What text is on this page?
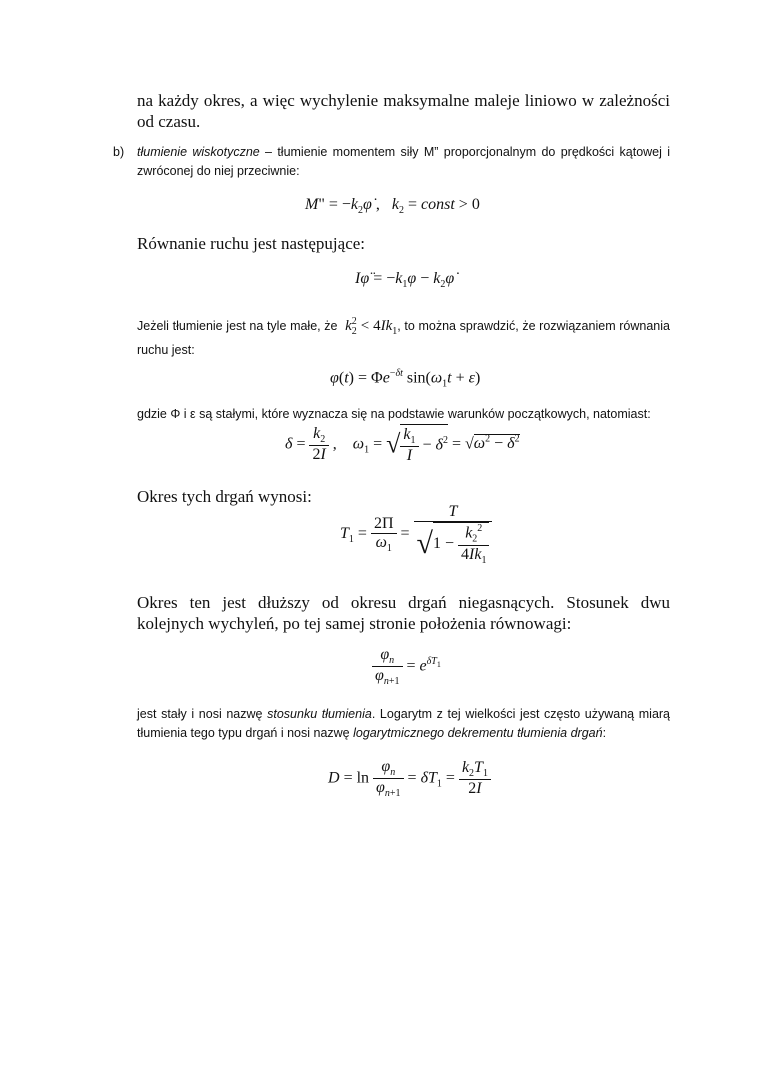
na każdy okres, a więc wychylenie maksymalne maleje liniowo w zależności od czasu.
b) tłumienie wiskotyczne – tłumienie momentem siły M” proporcjonalnym do prędkości kątowej i zwróconej do niej przeciwnie:
M" = $-k_2\varphi̇$ ,   $k_2$ = const > 0
Równanie ruchu jest następujące:
Iφ̈ = $-k_1\varphi$ − $k_2\varphi̇$
Jeżeli tłumienie jest na tyle małe, że $k_2^2 < 4Ik_1$, to można sprawdzić, że rozwiązaniem równania ruchu jest:
$\varphi(t) = \Phi e^{-\delta t}$ $\sin(\omega_1t + \varepsilon)$
gdzie Φ i ε są stałymi, które wyznacza się na podstawie warunków początkowych, natomiast:
$\delta = \frac{k_2}{2I}$ ,    $\omega_1$ = √ $\frac{k_1}{I} - \delta^2 = √\omega^2 - \delta^2$
Okres tych drgań wynosi:
$T_1 = \frac{2\Pi}{\omega_1} = \frac{T}{√1 - \frac{k_2^2}{4Ik_1}}$
Okres ten jest dłuższy od okresu drgań niegasnących. Stosunek dwu kolejnych wychyleń, po tej samej stronie położenia równowagi:
$\frac{\varphi_n}{\varphi_{n+1}} = e^{\delta T_1}$
jest stały i nosi nazwę stosunku tłumienia. Logarytm z tej wielkości jest często używaną miarą tłumienia tego typu drgań i nosi nazwę logarytmicznego dekrementu tłumienia drgań:
$D = \ln \frac{\varphi_n}{\varphi_{n+1}} = \delta T_1 = \frac{k_2T_1}{2I}$
